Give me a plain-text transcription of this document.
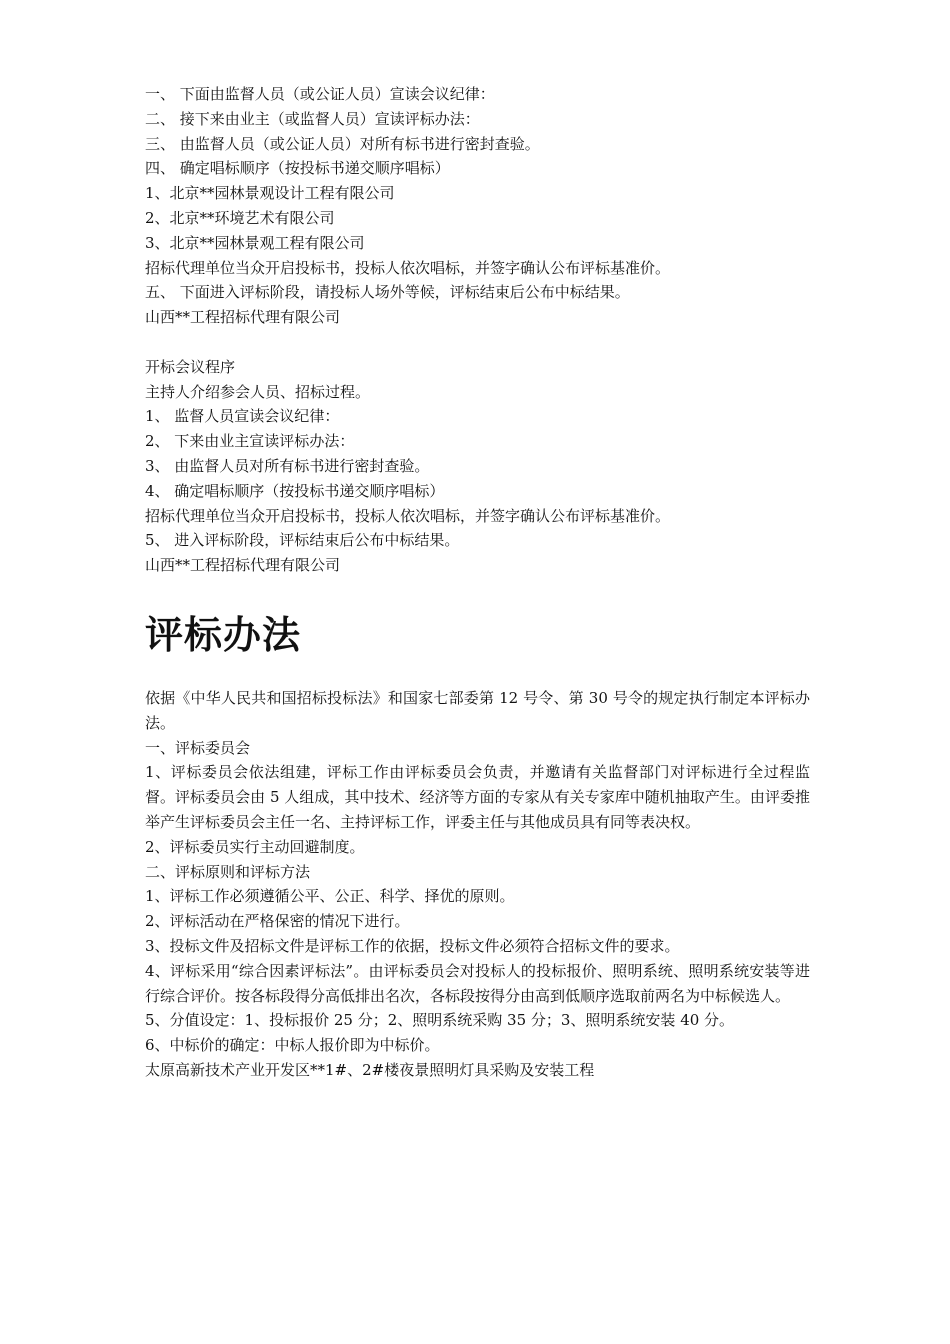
一、 下面由监督人员（或公证人员）宣读会议纪律：

二、 接下来由业主（或监督人员）宣读评标办法：

三、 由监督人员（或公证人员）对所有标书进行密封查验。

四、 确定唱标顺序（按投标书递交顺序唱标）

1、北京**园林景观设计工程有限公司

2、北京**环境艺术有限公司

3、北京**园林景观工程有限公司

招标代理单位当众开启投标书，投标人依次唱标，并签字确认公布评标基准价。

五、 下面进入评标阶段，请投标人场外等候，评标结束后公布中标结果。

山西**工程招标代理有限公司

开标会议程序

主持人介绍参会人员、招标过程。

1、 监督人员宣读会议纪律：

2、 下来由业主宣读评标办法：

3、 由监督人员对所有标书进行密封查验。

4、 确定唱标顺序（按投标书递交顺序唱标）

招标代理单位当众开启投标书，投标人依次唱标，并签字确认公布评标基准价。

5、 进入评标阶段，评标结束后公布中标结果。

山西**工程招标代理有限公司

评标办法

依据《中华人民共和国招标投标法》和国家七部委第 12 号令、第 30 号令的规定执行制定本评标办法。

一、评标委员会

1、评标委员会依法组建，评标工作由评标委员会负责，并邀请有关监督部门对评标进行全过程监督。评标委员会由 5 人组成，其中技术、经济等方面的专家从有关专家库中随机抽取产生。由评委推举产生评标委员会主任一名、主持评标工作，评委主任与其他成员具有同等表决权。

2、评标委员实行主动回避制度。

二、评标原则和评标方法

1、评标工作必须遵循公平、公正、科学、择优的原则。

2、评标活动在严格保密的情况下进行。

3、投标文件及招标文件是评标工作的依据，投标文件必须符合招标文件的要求。

4、评标采用“综合因素评标法”。由评标委员会对投标人的投标报价、照明系统、照明系统安装等进行综合评价。按各标段得分高低排出名次，各标段按得分由高到低顺序选取前两名为中标候选人。

5、分值设定：1、投标报价 25 分；2、照明系统采购 35 分；3、照明系统安装 40 分。

6、中标价的确定：中标人报价即为中标价。

太原高新技术产业开发区**1#、2#楼夜景照明灯具采购及安装工程
